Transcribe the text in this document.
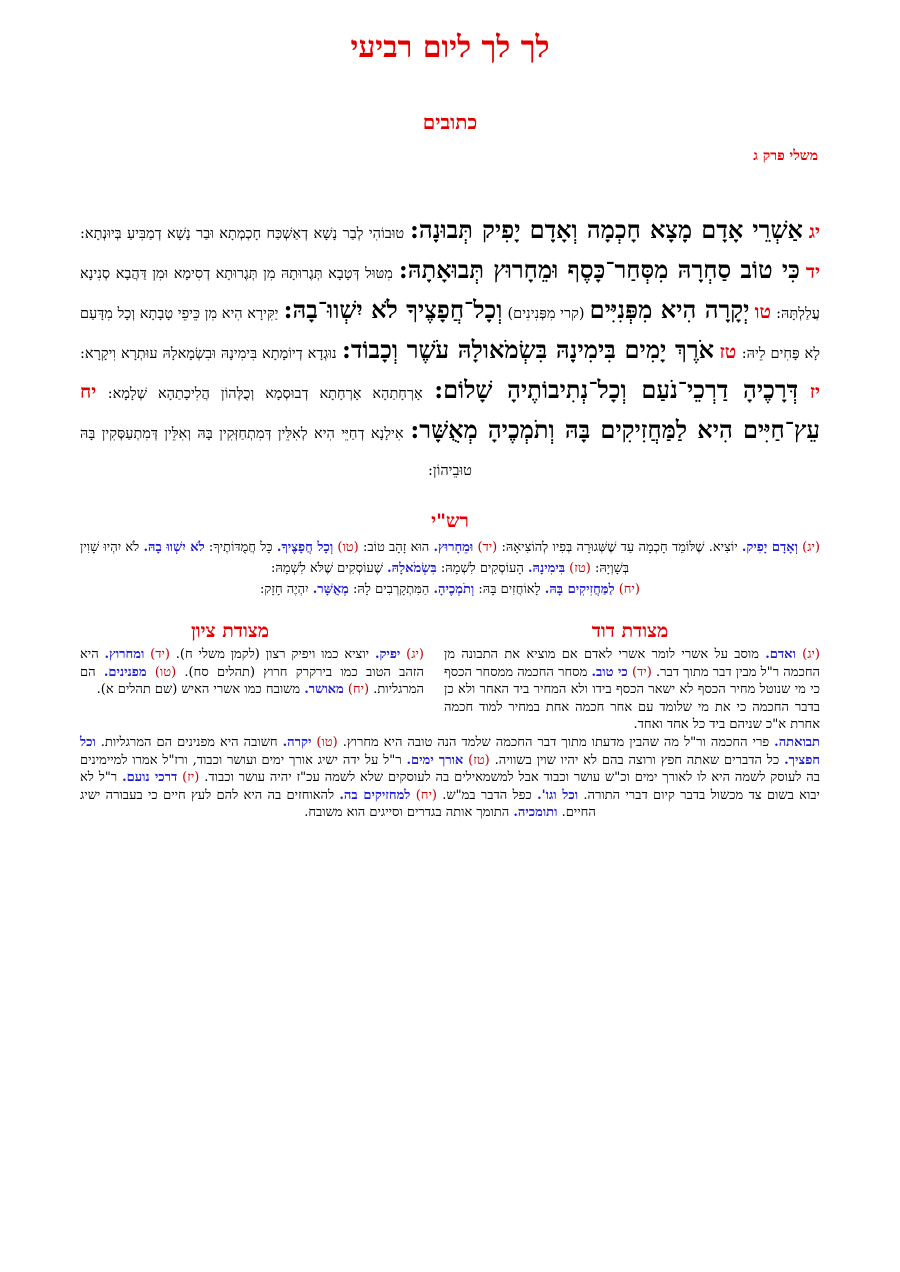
לך לך ליום רביעי
כתובים
משלי פרק ג
יג אַשְׁרֵי אָדָם מָצָא חָכְמָה וְאָדָם יָפִיק תְּבוּנָה: טוּבוֹהִי לְבַר נָשָׁא דְאַשְׁכַּח חָכְמְתָא וּבַר נָשָׁא דְמַבִּיעַ בְּיוּנְתָא: יד כִּי טוֹב סַחְרָהּ מִסְּחַר־כָּסֶף וּמֵחָרוּץ תְּבוּאָתָהּ: מִטּוּל דְּטָבָא תְּגֶרוּתָהּ מִן תְּגֶרוּתָא דְסִימָא וּמִן דַּהֲבָא סְנִינָא עֲלַלְתָּהּ: טו יְקָרָה הִיא מִפְּנִיִּים (קרי מִפְּנִינִים) וְכָל־חֲפָצֶיךָ לֹא יִשְׁווּ־בָהּ: יַקִּירָא הִיא מִן כֵּיפֵי טָבָתָא וְכָל מִדָּעַם לָא פָּחִים לֵיהּ: טז אֹרֶךְ יָמִים בִּימִינָהּ בִּשְׂמֹאולָהּ עֹשֶׁר וְכָבוֹד: נוּגְדָא דְיוֹמָתָא בִּימִינָהּ וּבִשְׂמָאלָהּ עוּתְרָא וִיקָרָא: יז דְּרָכֶיהָ דַרְכֵי־נֹעַם וְכָל־נְתִיבוֹתֶיהָ שָׁלוֹם: אָרְחָתַהָא אָרְחָתָא דְבוּסְמָא וְכֻלְּהוֹן הֲלִיכָתַהָא שְׁלָמָא: יח עֵץ־חַיִּים הִיא לַמַּחֲזִיקִים בָּהּ וְתֹמְכֶיהָ מְאֻשָּׁר: אִילָנָא דְחַיֵּי הִיא לְאִלֵּין דְּמִתְחַזְּקִין בָּהּ וְאִלֵּין דְּמִתְעַסְּקִין בָּהּ טוּבֵיהוֹן:
רש"י
(יג) וְאָדָם יָפִיק. יוֹצִיא. שֶׁלּוֹמֵד חָכְמָה עַד שֶׁשְּׁגוּרָה בְּפִיו לְהוֹצִיאָהּ: (יד) וּמֵחָרוּץ. הוּא זָהָב טוֹב: (טו) וְכָל חֲפָצֶיךָ. כָּל חֲמֻדּוֹתֶיךָ: לֹא יִשְׁווּ בָהּ. לֹא יִהְיוּ שָׁוִין בְּשָׁוְיָהּ: (טז) בִּימִינָהּ. הָעוֹסְקִים לִשְׁמָהּ: בִּשְׂמֹאלָהּ. שֶׁעוֹסְקִים שֶׁלֹּא לִשְׁמָהּ:
(יח) לַמַּחֲזִיקִים בָּהּ. לָאוֹחֲזִים בָּהּ: וְתֹמְכֶיהָ. הַמִּתְקָרְבִים לָהּ: מְאֻשָּׁר. יִהְיֶה חָזָק:
מצודת דוד
מצודת ציון
(יג) ואדם. מוסב על אשרי לומר אשרי לאדם אם מוציא את התבונה מן החכמה ר"ל מבין דבר מתוך דבר. (יד) כי טוב. מסחר החכמה ממסחר הכסף כי מי שנוטל מחיר הכסף לא ישאר הכסף בידו ולא המחיר ביד האחר ולא כן בדבר החכמה כי את מי שלומד עם אחר חכמה אחת במחיר למוד חכמה אחרת א"כ שניהם ביד כל אחד ואחד.
(יג) יפיק. יוציא כמו ויפיק רצון (לקמן משלי ח). (יד) ומחרוץ. היא הזהב הטוב כמו בירקרק חרוץ (תהלים סח). (טו) מפנינים. הם המרגליות. (יח) מאושר. משובח כמו אשרי האיש (שם תהלים א).
תבואתה. פרי החכמה ור"ל מה שהבין מדעתו מתוך דבר החכמה שלמד הנה טובה היא מחרוץ. (טו) יקרה. חשובה היא מפנינים הם המרגליות. וכל חפציך. כל הדברים שאתה חפץ ורוצה בהם לא יהיו שוין בשוויה. (טז) אורך ימים. ר"ל על ידה ישיג אורך ימים ועושר וכבוד, ורז"ל אמרו למיימינים בה לעוסק לשמה היא לו לאורך ימים וכ"ש עושר וכבוד אבל למשמאילים בה לעוסקים שלא לשמה עכ"ז יהיה עושר וכבוד. (יז) דרכי נועם. ר"ל לא יבוא בשום צד מכשול בדבר קיום דברי התורה. וכל וגו'. כפל הדבר במ"ש. (יח) למחזיקים בה. להאוחזים בה היא להם לעץ חיים כי בעבורה ישיג החיים. ותומכיה. התומך אותה בגדרים וסייגים הוא משובח.
